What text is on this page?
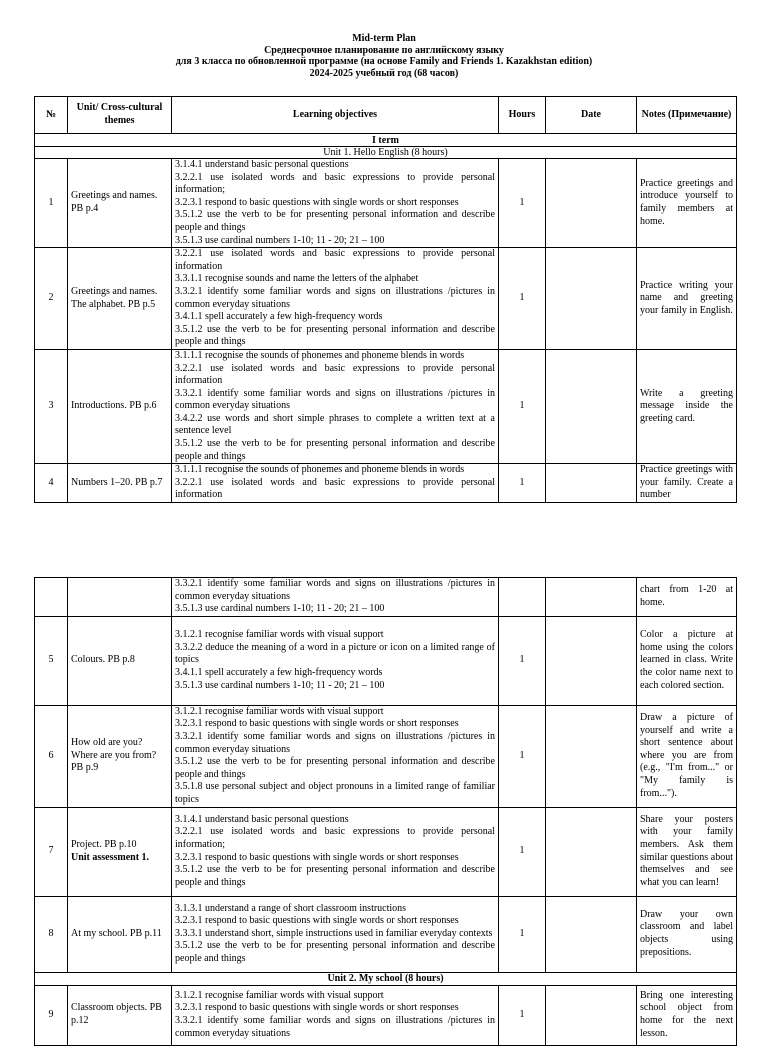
Mid-term Plan
Среднесрочное планирование по английскому языку
для 3 класса по обновленной программе (на основе Family and Friends 1. Kazakhstan edition)
2024-2025 учебный год (68 часов)
№	Unit/ Cross-cultural themes	Learning objectives	Hours	Date	Notes (Примечание)
I term					
Unit 1. Hello English (8 hours)					
1	Greetings and names. PB p.4	3.1.4.1 understand basic personal questions
3.2.2.1 use isolated words and basic expressions to provide personal information;
3.2.3.1 respond to basic questions with single words or short responses
3.5.1.2 use the verb to be for presenting personal information and describe people and things
3.5.1.3 use cardinal numbers 1-10; 11 - 20; 21 – 100	1		Practice greetings and introduce yourself to family members at home.
2	Greetings and names. The alphabet. PB p.5	3.2.2.1 use isolated words and basic expressions to provide personal information
3.3.1.1 recognise sounds and name the letters of the alphabet
3.3.2.1 identify some familiar words and signs on illustrations /pictures in common everyday situations
3.4.1.1 spell accurately a few high-frequency words
3.5.1.2 use the verb to be for presenting personal information and describe people and things	1		Practice writing your name and greeting your family in English.
3	Introductions. PB p.6	3.1.1.1 recognise the sounds of phonemes and phoneme blends in words
3.2.2.1 use isolated words and basic expressions to provide personal information
3.3.2.1 identify some familiar words and signs on illustrations /pictures in common everyday situations
3.4.2.2 use words and short simple phrases to complete a written text at a sentence level
3.5.1.2 use the verb to be for presenting personal information and describe people and things	1		Write a greeting message inside the greeting card.
4	Numbers 1–20. PB p.7	3.1.1.1 recognise the sounds of phonemes and phoneme blends in words
3.2.2.1 use isolated words and basic expressions to provide personal information	1		Practice greetings with your family. Create a number

		3.3.2.1 identify some familiar words and signs on illustrations /pictures in common everyday situations
3.5.1.3 use cardinal numbers 1-10; 11 - 20; 21 – 100			chart from 1-20 at home.
5	Colours. PB p.8	3.1.2.1 recognise familiar words with visual support
3.3.2.2 deduce the meaning of a word in a picture or icon on a limited range of topics
3.4.1.1 spell accurately a few high-frequency words
3.5.1.3 use cardinal numbers 1-10; 11 - 20; 21 – 100	1		Color a picture at home using the colors learned in class. Write the color name next to each colored section.
6	How old are you? Where are you from? PB p.9	3.1.2.1 recognise familiar words with visual support
3.2.3.1 respond to basic questions with single words or short responses
3.3.2.1 identify some familiar words and signs on illustrations /pictures in common everyday situations
3.5.1.2 use the verb to be for presenting personal information and describe people and things
3.5.1.8 use personal subject and object pronouns in a limited range of familiar topics	1		Draw a picture of yourself and write a short sentence about where you are from (e.g., "I'm from..." or "My family is from...").
7	Project. PB p.10
Unit assessment 1.	3.1.4.1 understand basic personal questions
3.2.2.1 use isolated words and basic expressions to provide personal information;
3.2.3.1 respond to basic questions with single words or short responses
3.5.1.2 use the verb to be for presenting personal information and describe people and things	1		Share your posters with your family members. Ask them similar questions about themselves and see what you can learn!
8	At my school. PB p.11	3.1.3.1 understand a range of short classroom instructions
3.2.3.1 respond to basic questions with single words or short responses
3.3.3.1 understand short, simple instructions used in familiar everyday contexts
3.5.1.2 use the verb to be for presenting personal information and describe people and things	1		Draw your own classroom and label objects using prepositions.
Unit 2. My school (8 hours)					
9	Classroom objects. PB p.12	3.1.2.1 recognise familiar words with visual support
3.2.3.1 respond to basic questions with single words or short responses
3.3.2.1 identify some familiar words and signs on illustrations /pictures in common everyday situations	1		Bring one interesting school object from home for the next lesson.
